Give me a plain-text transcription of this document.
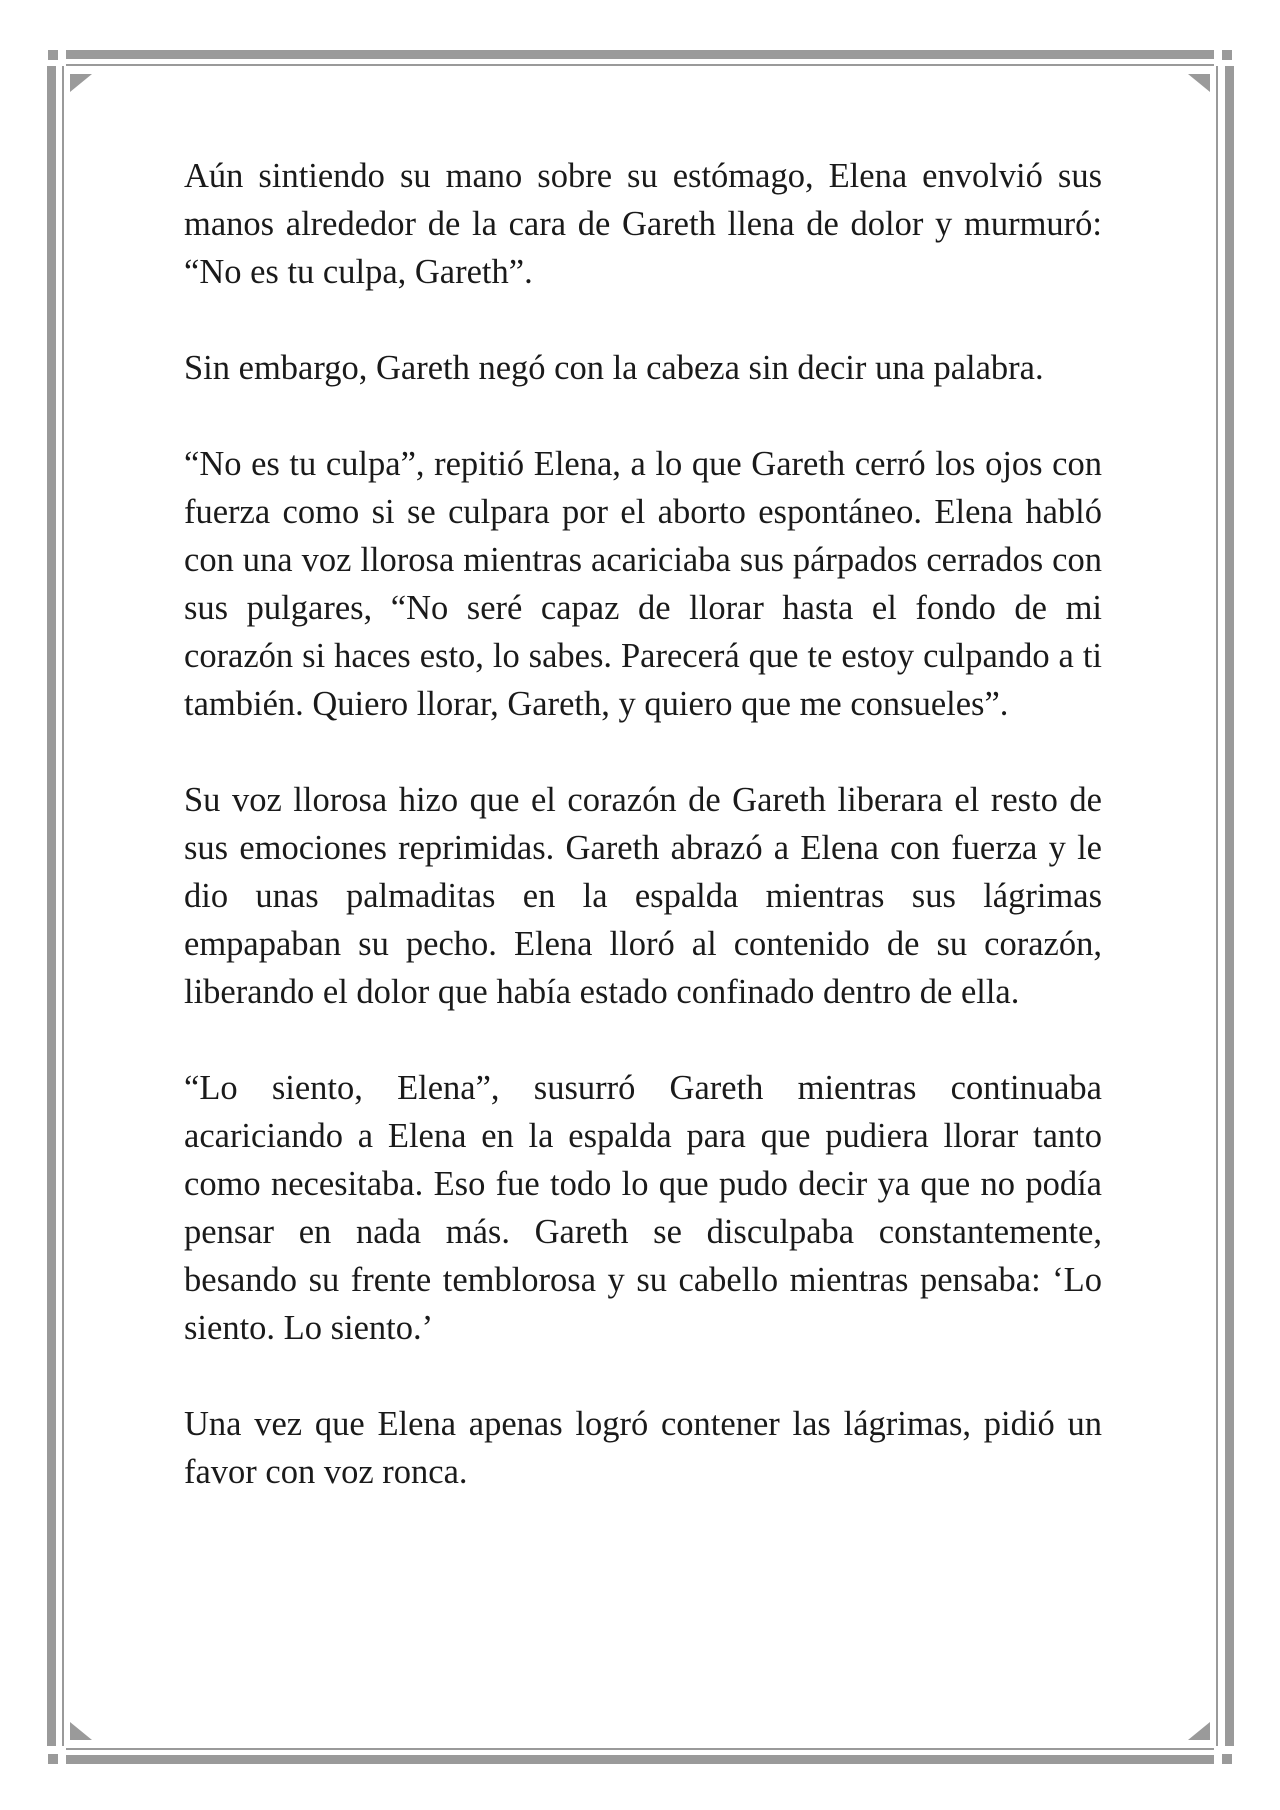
Aún sintiendo su mano sobre su estómago, Elena envolvió sus manos alrededor de la cara de Gareth llena de dolor y murmuró: “No es tu culpa, Gareth”.

Sin embargo, Gareth negó con la cabeza sin decir una palabra.

“No es tu culpa”, repitió Elena, a lo que Gareth cerró los ojos con fuerza como si se culpara por el aborto espontáneo. Elena habló con una voz llorosa mientras acariciaba sus párpados cerrados con sus pulgares, “No seré capaz de llorar hasta el fondo de mi corazón si haces esto, lo sabes. Parecerá que te estoy culpando a ti también. Quiero llorar, Gareth, y quiero que me consueles”.

Su voz llorosa hizo que el corazón de Gareth liberara el resto de sus emociones reprimidas. Gareth abrazó a Elena con fuerza y le dio unas palmaditas en la espalda mientras sus lágrimas empapaban su pecho. Elena lloró al contenido de su corazón, liberando el dolor que había estado confinado dentro de ella.

“Lo siento, Elena”, susurró Gareth mientras continuaba acariciando a Elena en la espalda para que pudiera llorar tanto como necesitaba. Eso fue todo lo que pudo decir ya que no podía pensar en nada más. Gareth se disculpaba constantemente, besando su frente temblorosa y su cabello mientras pensaba: ‘Lo siento. Lo siento.’

Una vez que Elena apenas logró contener las lágrimas, pidió un favor con voz ronca.
